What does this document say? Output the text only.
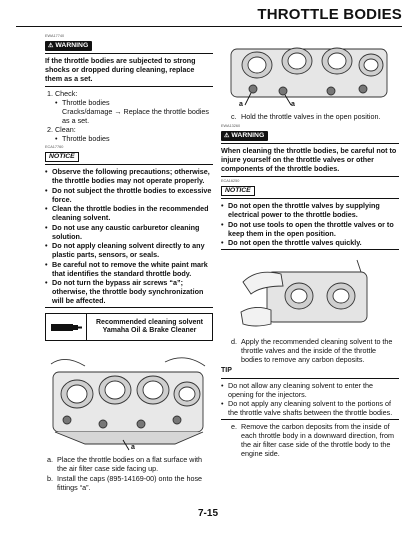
THROTTLE BODIES
EWA17740
⚠ WARNING
If the throttle bodies are subjected to strong shocks or dropped during cleaning, replace them as a set.
1. Check:
• Throttle bodies
Cracks/damage → Replace the throttle bodies as a set.
2. Clean:
• Throttle bodies
ECA17760
NOTICE
• Observe the following precautions; otherwise, the throttle bodies may not operate properly.
• Do not subject the throttle bodies to excessive force.
• Clean the throttle bodies in the recommended cleaning solvent.
• Do not use any caustic carburetor cleaning solution.
• Do not apply cleaning solvent directly to any plastic parts, sensors, or seals.
• Be careful not to remove the white paint mark that identifies the standard throttle body.
• Do not turn the bypass air screws “a”; otherwise, the throttle body synchronization will be affected.
Recommended cleaning solvent
Yamaha Oil & Brake Cleaner
a
a. Place the throttle bodies on a flat surface with the air filter case side facing up.
b. Install the caps (895-14169-00) onto the hose fittings “a”.
a	a
c. Hold the throttle valves in the open position.
EWA13260
⚠ WARNING
When cleaning the throttle bodies, be careful not to injure yourself on the throttle valves or other components of the throttle bodies.
ECA16250
NOTICE
• Do not open the throttle valves by supplying electrical power to the throttle bodies.
• Do not use tools to open the throttle valves or to keep them in the open position.
• Do not open the throttle valves quickly.
d. Apply the recommended cleaning solvent to the throttle valves and the inside of the throttle bodies to remove any carbon deposits.
TIP
• Do not allow any cleaning solvent to enter the opening for the injectors.
• Do not apply any cleaning solvent to the portions of the throttle valve shafts between the throttle bodies.
e. Remove the carbon deposits from the inside of each throttle body in a downward direction, from the air filter case side of the throttle body to the engine side.
7-15
